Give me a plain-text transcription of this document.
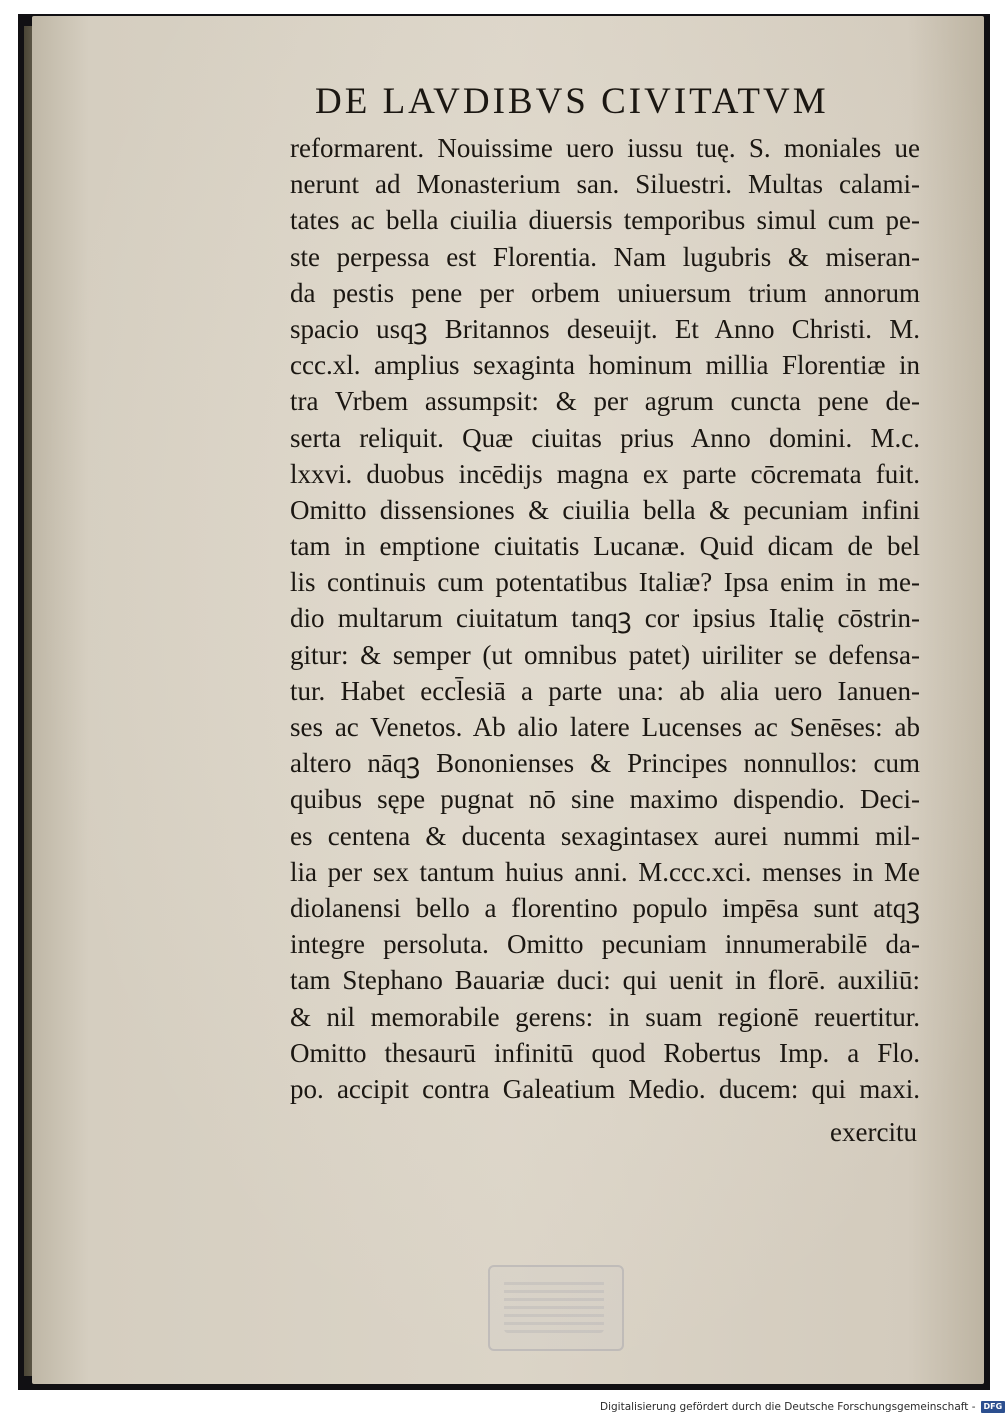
DE LAVDIBVS CIVITATVM
reformarent. Nouissime uero iussu tuę. S. moniales ue
nerunt ad Monasterium san. Siluestri. Multas calami-
tates ac bella ciuilia diuersis temporibus simul cum pe-
ste perpessa est Florentia. Nam lugubris & miseran-
da pestis pene per orbem uniuersum trium annorum
spacio usqꝫ Britannos deseuijt. Et Anno Christi. M.
ccc.xl. amplius sexaginta hominum millia Florentiæ in
tra Vrbem assumpsit: & per agrum cuncta pene de-
serta reliquit. Quæ ciuitas prius Anno domini. M.c.
lxxvi. duobus incēdijs magna ex parte cōcremata fuit.
Omitto dissensiones & ciuilia bella & pecuniam infini
tam in emptione ciuitatis Lucanæ. Quid dicam de bel
lis continuis cum potentatibus Italiæ? Ipsa enim in me-
dio multarum ciuitatum tanqꝫ cor ipsius Italię cōstrin-
gitur: & semper (ut omnibus patet) uiriliter se defensa-
tur. Habet eccl̄esiā a parte una: ab alia uero Ianuen-
ses ac Venetos. Ab alio latere Lucenses ac Senēses: ab
altero nāqꝫ Bononienses & Principes nonnullos: cum
quibus sępe pugnat nō sine maximo dispendio. Deci-
es centena & ducenta sexagintasex aurei nummi mil-
lia per sex tantum huius anni. M.ccc.xci. menses in Me
diolanensi bello a florentino populo impēsa sunt atqꝫ
integre persoluta. Omitto pecuniam innumerabilē da-
tam Stephano Bauariæ duci: qui uenit in florē. auxiliū:
& nil memorabile gerens: in suam regionē reuertitur.
Omitto thesaurū infinitū quod Robertus Imp. a Flo.
po. accipit contra Galeatium Medio. ducem: qui maxi.
exercitu
Digitalisierung gefördert durch die Deutsche Forschungsgemeinschaft -	DFG
